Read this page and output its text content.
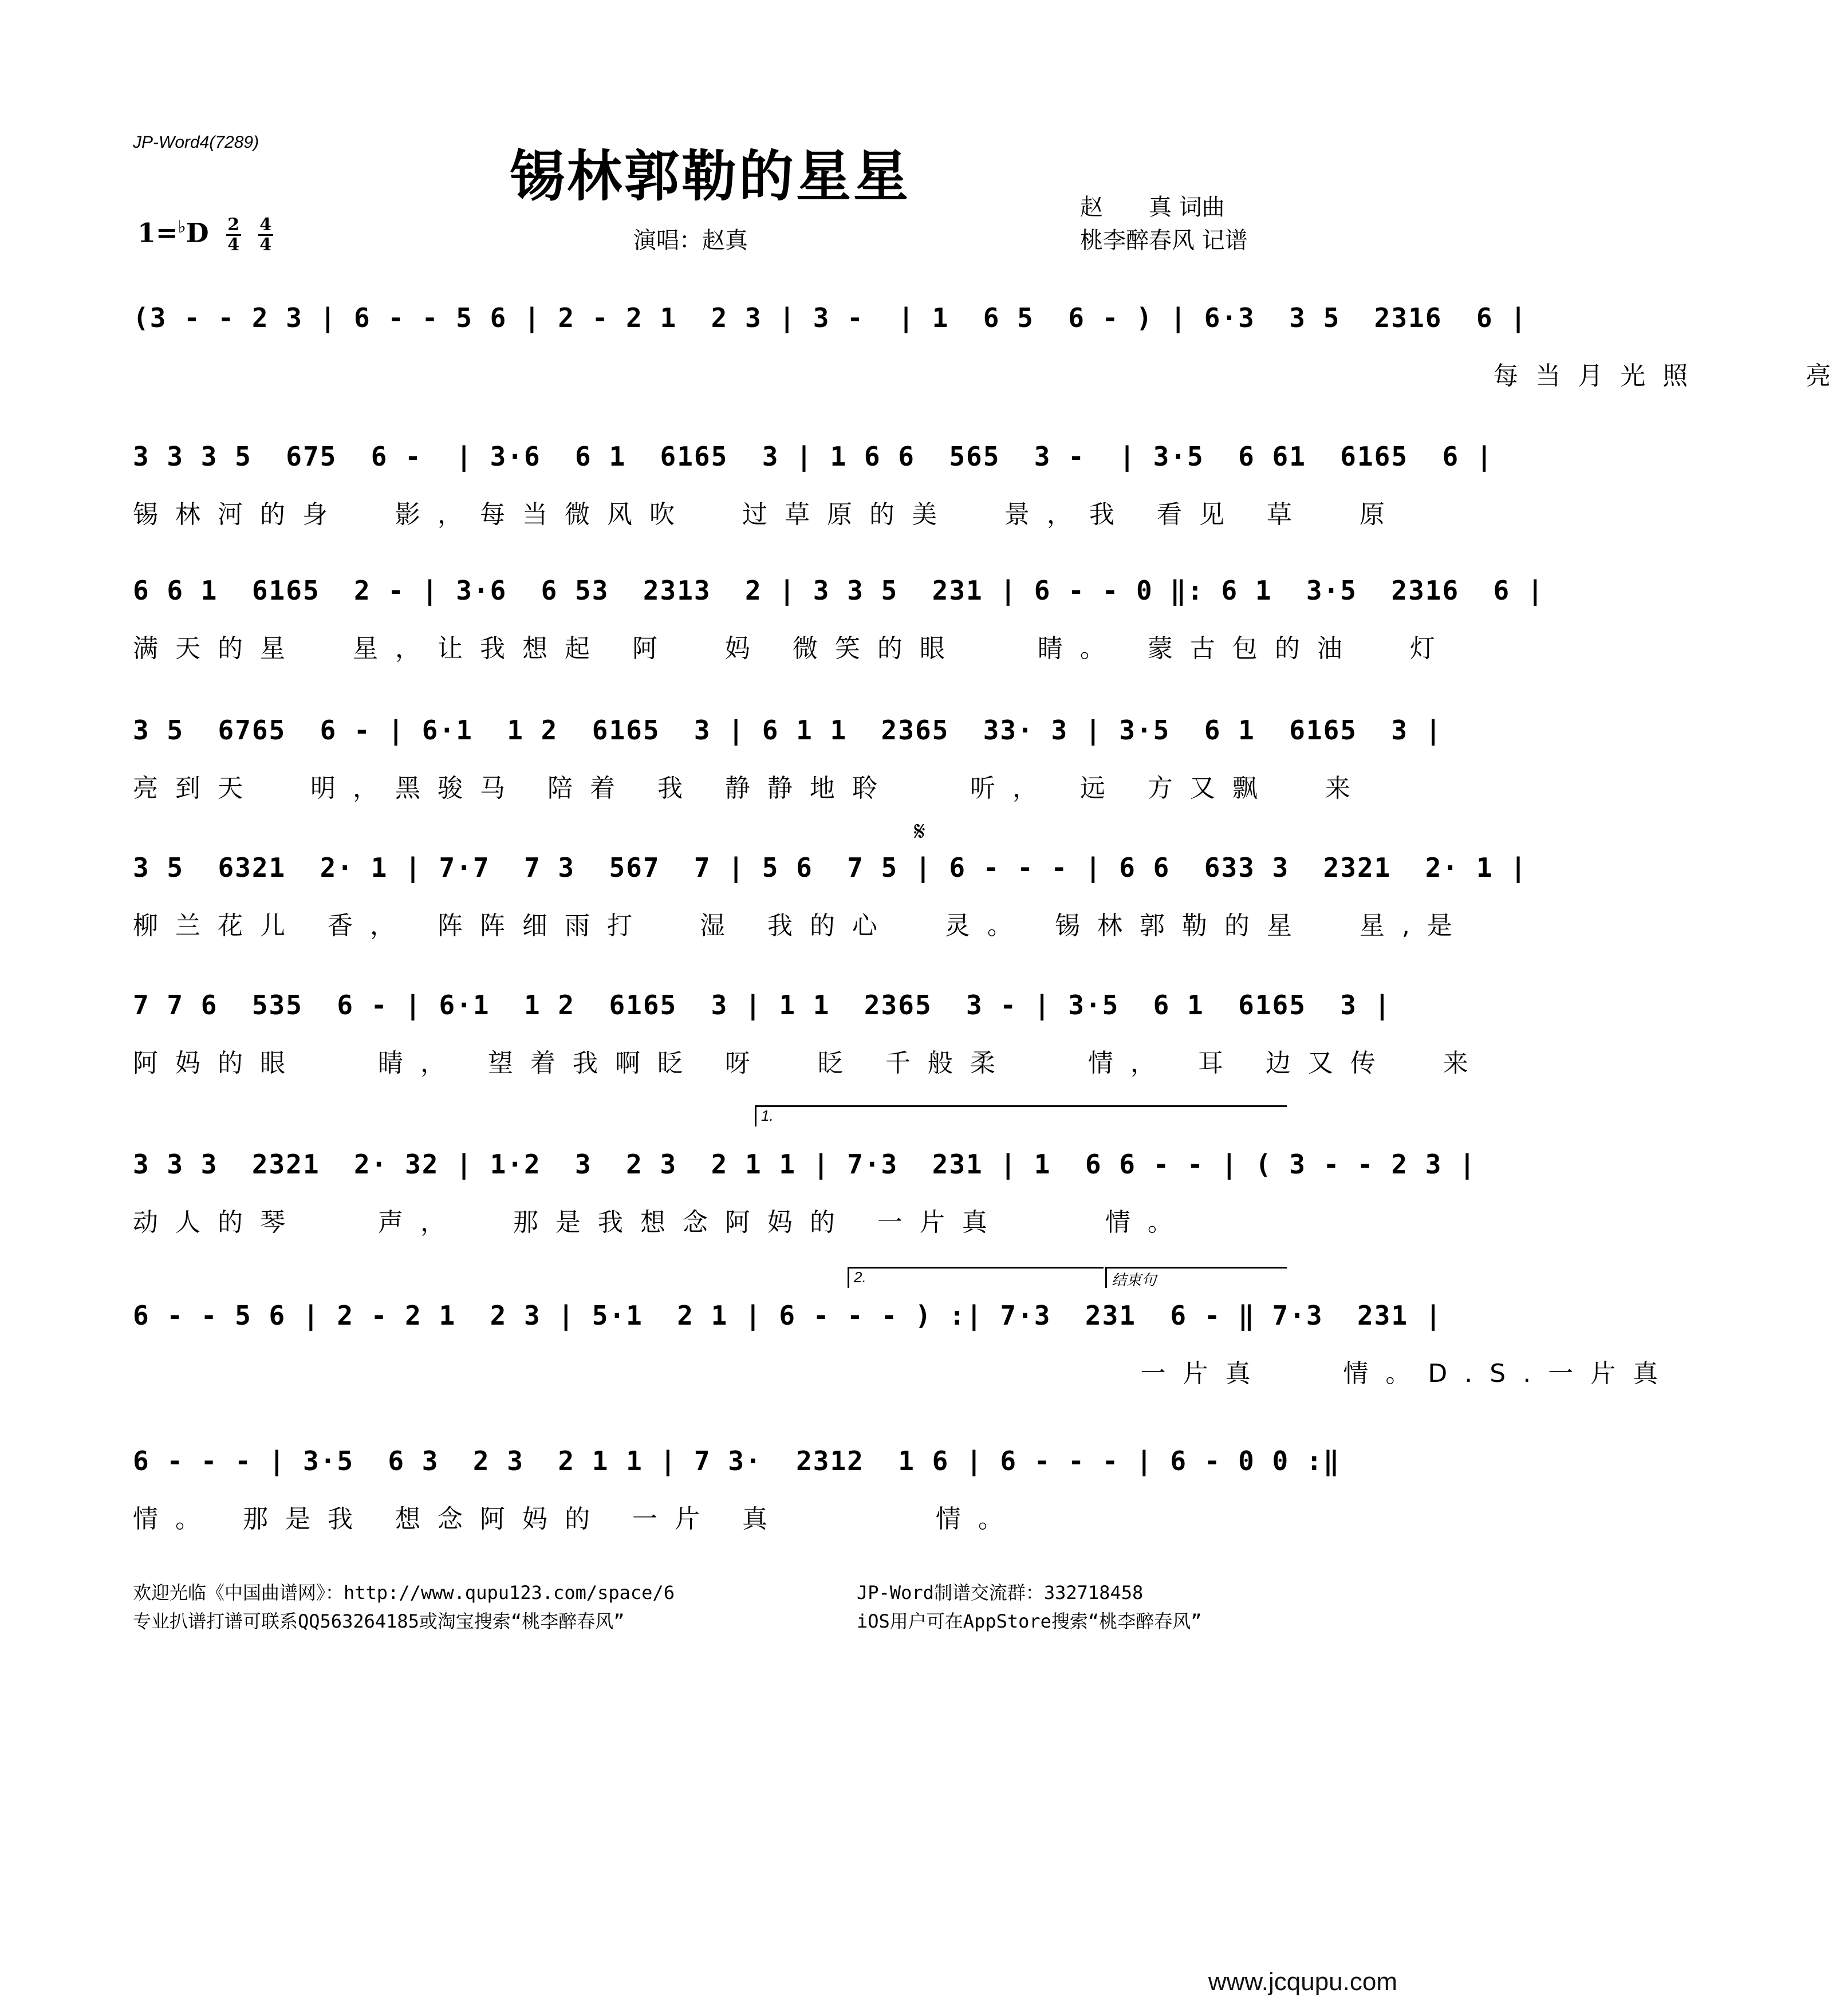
JP-Word4(7289)
锡林郭勒的星星	赵　　真 词曲
桃李醉春风 记谱
$1=^♭D \frac{2}{4}$
$\frac{4}{4}$	演唱：赵真
(3 - - 2 3 | 6 - - 5 6 | 2 - 2 1  2 3 | 3 -  | 1  6 5  6 - ) | 6·3  3 5  2316  6 |
每当月光照    亮
3 3 3 5  675  6 -  | 3·6  6 1  6165  3 | 1 6 6  565  3 -  | 3·5  6 61  6165  6 |
锡林河的身  影，每当微风吹  过草原的美  景，我 看见 草  原
6 6 1  6165  2 - | 3·6  6 53  2313  2 | 3 3 5  231 | 6 - - 0 ‖: 6 1  3·5  2316  6 |
满天的星  星，让我想起 阿  妈 微笑的眼   睛。 蒙古包的油  灯
3 5  6765  6 - | 6·1  1 2  6165  3 | 6 1 1  2365  33· 3 | 3·5  6 1  6165  3 |
亮到天  明，黑骏马 陪着 我 静静地聆   听， 远 方又飘  来
𝄋
3 5  6321  2· 1 | 7·7  7 3  567  7 | 5 6  7 5 | 6 - - - | 6 6  633 3  2321  2· 1 |
柳兰花儿 香， 阵阵细雨打  湿 我的心  灵。 锡林郭勒的星  星,是
7 7 6  535  6 - | 6·1  1 2  6165  3 | 1 1  2365  3 - | 3·5  6 1  6165  3 |
阿妈的眼   睛， 望着我啊眨 呀  眨 千般柔   情， 耳 边又传  来
1.
3 3 3  2321  2· 32 | 1·2  3  2 3  2 1 1 | 7·3  231 | 1  6 6 - - | ( 3 - - 2 3 |
动人的琴   声，  那是我想念阿妈的 一片真    情。
2.	结束句
6 - - 5 6 | 2 - 2 1  2 3 | 5·1  2 1 | 6 - - - ) :| 7·3  231  6 - ‖ 7·3  231 |
一片真   情。D.S.一片真
6 - - - | 3·5  6 3  2 3  2 1 1 | 7 3·  2312  1 6 | 6 - - - | 6 - 0 0 :‖
情。 那是我 想念阿妈的 一片 真      情。
欢迎光临《中国曲谱网》：http://www.qupu123.com/space/6
专业扒谱打谱可联系QQ563264185或淘宝搜索“桃李醉春风”
JP-Word制谱交流群：332718458
iOS用户可在AppStore搜索“桃李醉春风”
www.jcqupu.com
